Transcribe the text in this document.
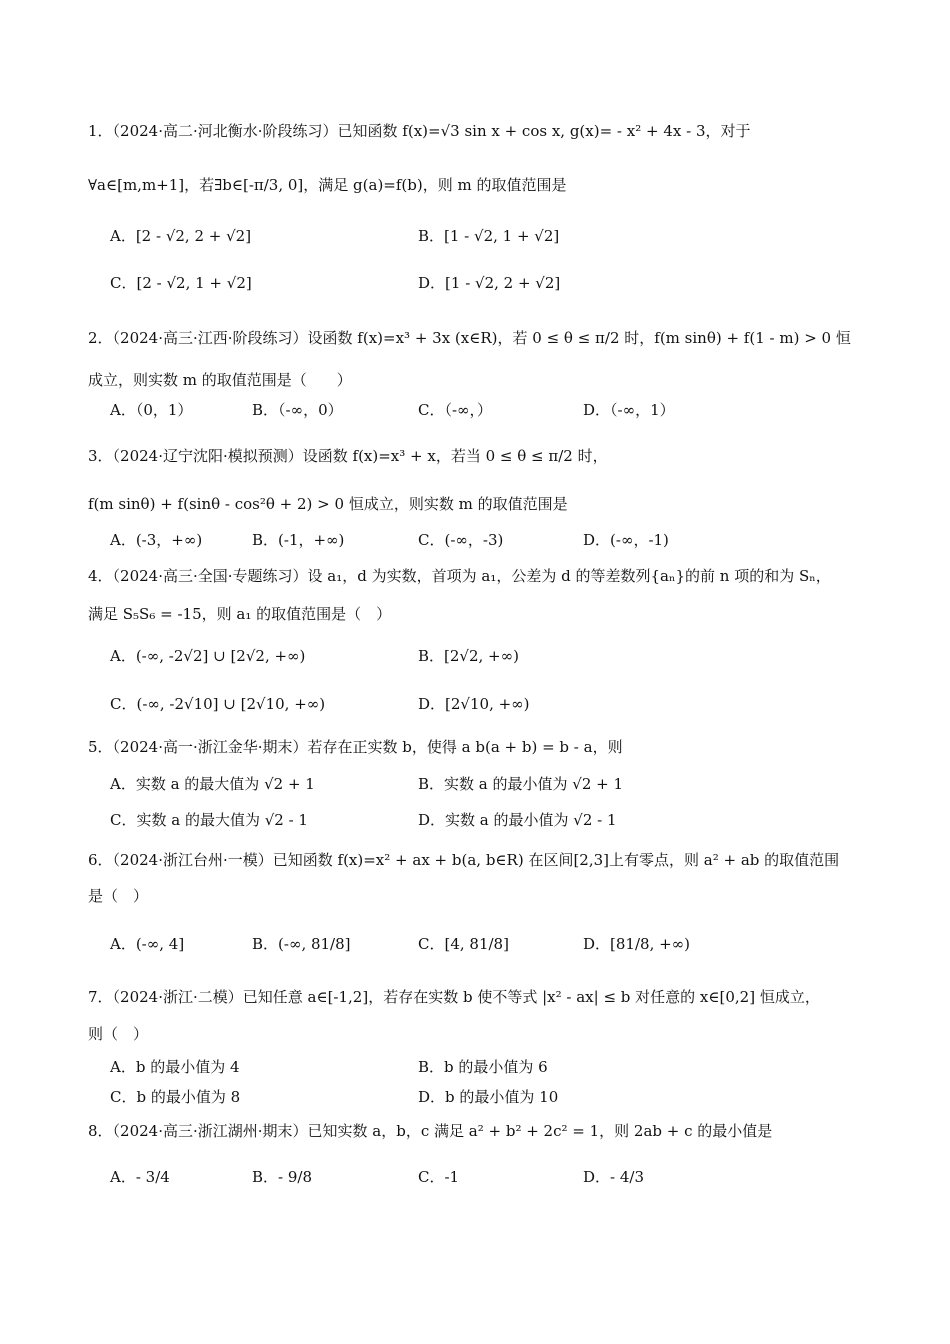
1．（2024·高二·河北衡水·阶段练习）已知函数 f(x)=√3 sin x + cos x, g(x)= - x² + 4x - 3，对于
∀a∈[m,m+1]，若∃b∈[-π/3, 0]，满足 g(a)=f(b)，则 m 的取值范围是
A．[2 - √2, 2 + √2]	B．[1 - √2, 1 + √2]
C．[2 - √2, 1 + √2]	D．[1 - √2, 2 + √2]
2．（2024·高三·江西·阶段练习）设函数 f(x)=x³ + 3x (x∈R)，若 0 ≤ θ ≤ π/2 时，f(m sinθ) + f(1 - m) > 0 恒
成立，则实数 m 的取值范围是（　　）
A．（0，1）	B．（-∞，0）	C．（-∞，）	D．（-∞，1）
3．（2024·辽宁沈阳·模拟预测）设函数 f(x)=x³ + x，若当 0 ≤ θ ≤ π/2 时，
f(m sinθ) + f(sinθ - cos²θ + 2) > 0 恒成立，则实数 m 的取值范围是
A．(-3，+∞)	B．(-1，+∞)	C．(-∞，-3)	D．(-∞，-1)
4．（2024·高三·全国·专题练习）设 a₁，d 为实数，首项为 a₁，公差为 d 的等差数列{aₙ}的前 n 项的和为 Sₙ，
满足 S₅S₆ = -15，则 a₁ 的取值范围是（　）
A．(-∞, -2√2] ∪ [2√2, +∞)	B．[2√2, +∞)
C．(-∞, -2√10] ∪ [2√10, +∞)	D．[2√10, +∞)
5．（2024·高一·浙江金华·期末）若存在正实数 b，使得 a b(a + b) = b - a，则
A．实数 a 的最大值为 √2 + 1	B．实数 a 的最小值为 √2 + 1
C．实数 a 的最大值为 √2 - 1	D．实数 a 的最小值为 √2 - 1
6．（2024·浙江台州·一模）已知函数 f(x)=x² + ax + b(a, b∈R) 在区间[2,3]上有零点，则 a² + ab 的取值范围
是（　）
A．(-∞, 4]	B．(-∞, 81/8]	C．[4, 81/8]	D．[81/8, +∞)
7．（2024·浙江·二模）已知任意 a∈[-1,2]，若存在实数 b 使不等式 |x² - ax| ≤ b 对任意的 x∈[0,2] 恒成立，
则（　）
A．b 的最小值为 4	B．b 的最小值为 6
C．b 的最小值为 8	D．b 的最小值为 10
8．（2024·高三·浙江湖州·期末）已知实数 a，b，c 满足 a² + b² + 2c² = 1，则 2ab + c 的最小值是
A．- 3/4	B．- 9/8	C．-1	D．- 4/3
